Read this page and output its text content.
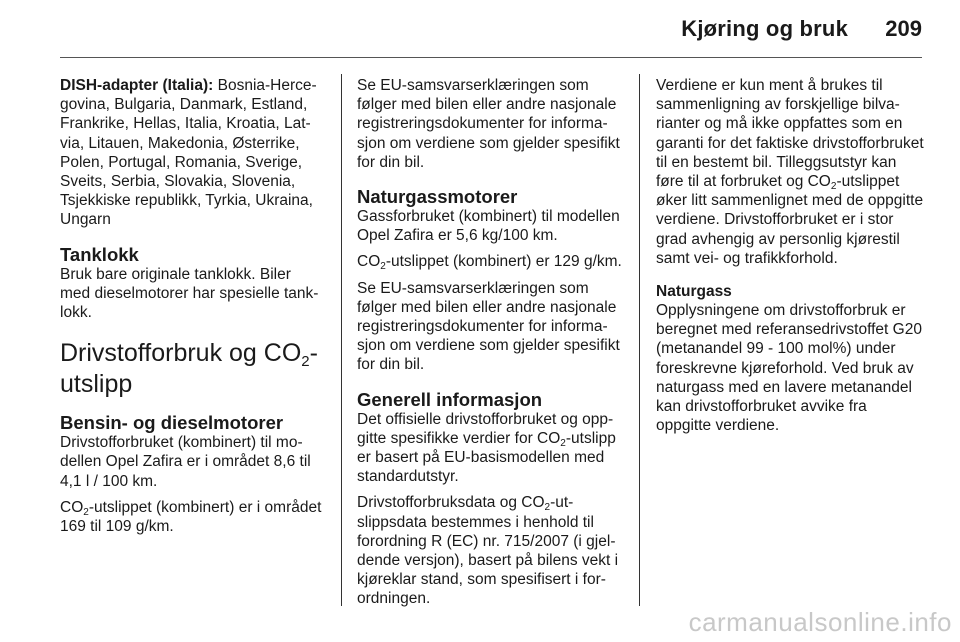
Kjøring og bruk 209

DISH-adapter (Italia): Bosnia-Hercegovina, Bulgaria, Danmark, Estland, Frankrike, Hellas, Italia, Kroatia, Latvia, Litauen, Makedonia, Østerrike, Polen, Portugal, Romania, Sverige, Sveits, Serbia, Slovakia, Slovenia, Tsjekkiske republikk, Tyrkia, Ukraina, Ungarn

Tanklokk

Bruk bare originale tanklokk. Biler med dieselmotorer har spesielle tanklokk.

Drivstofforbruk og $CO_2$-utslipp
Bensin- og dieselmotorer

Drivstofforbruket (kombinert) til modellen Opel Zafira er i området 8,6 til 4,1 l / 100 km.

$CO_2$-utslippet (kombinert) er i området 169 til 109 g/km.

Se EU-samsvarserklæringen som følger med bilen eller andre nasjonale registreringsdokumenter for informasjon om verdiene som gjelder spesifikt for din bil.

Naturgassmotorer

Gassforbruket (kombinert) til modellen Opel Zafira er 5,6 kg/100 km.

$CO_2$-utslippet (kombinert) er 129 g/km.

Se EU-samsvarserklæringen som følger med bilen eller andre nasjonale registreringsdokumenter for informasjon om verdiene som gjelder spesifikt for din bil.

Generell informasjon

Det offisielle drivstofforbruket og oppgitte spesifikke verdier for $CO_2$-utslipp er basert på EU-basismodellen med standardutstyr.

Drivstofforbruksdata og $CO_2$-utslippsdata bestemmes i henhold til forordning R (EC) nr. 715/2007 (i gjeldende versjon), basert på bilens vekt i kjøreklar stand, som spesifisert i forordningen.

Verdiene er kun ment å brukes til sammenligning av forskjellige bilvarianter og må ikke oppfattes som en garanti for det faktiske drivstofforbruket til en bestemt bil. Tilleggsutstyr kan føre til at forbruket og $CO_2$-utslippet øker litt sammenlignet med de oppgitte verdiene. Drivstofforbruket er i stor grad avhengig av personlig kjørestil samt vei- og trafikkforhold.

Naturgass

Opplysningene om drivstofforbruk er beregnet med referansedrivstoffet G20 (metanandel 99 - 100 mol%) under foreskrevne kjøreforhold. Ved bruk av naturgass med en lavere metanandel kan drivstofforbruket avvike fra oppgitte verdiene.

carmanualsonline.info
